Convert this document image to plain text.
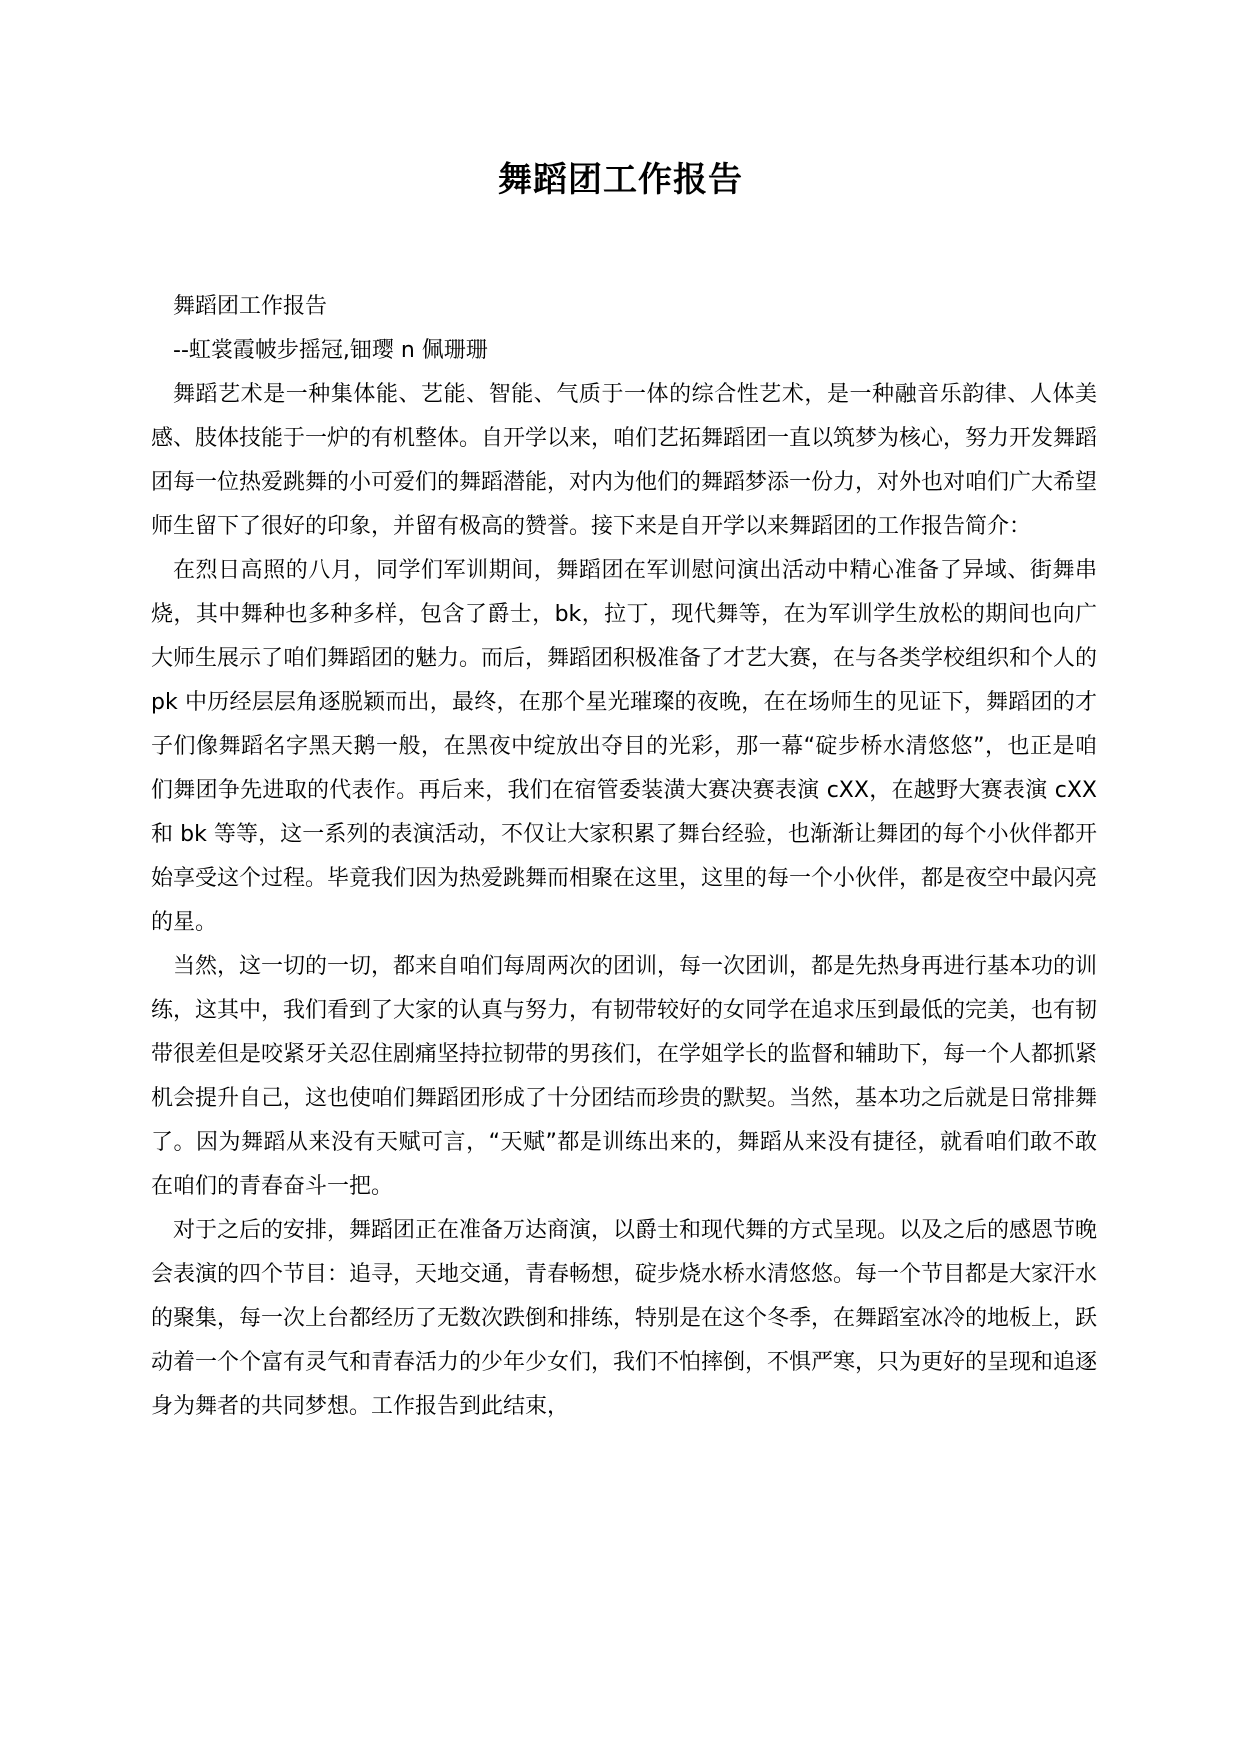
舞蹈团工作报告

舞蹈团工作报告

--虹裳霞帔步摇冠,钿璎 n 佩珊珊

舞蹈艺术是一种集体能、艺能、智能、气质于一体的综合性艺术，是一种融音乐韵律、人体美感、肢体技能于一炉的有机整体。自开学以来，咱们艺拓舞蹈团一直以筑梦为核心，努力开发舞蹈团每一位热爱跳舞的小可爱们的舞蹈潜能，对内为他们的舞蹈梦添一份力，对外也对咱们广大希望师生留下了很好的印象，并留有极高的赞誉。接下来是自开学以来舞蹈团的工作报告简介：

在烈日高照的八月，同学们军训期间，舞蹈团在军训慰问演出活动中精心准备了异域、街舞串烧，其中舞种也多种多样，包含了爵士，bk，拉丁，现代舞等，在为军训学生放松的期间也向广大师生展示了咱们舞蹈团的魅力。而后，舞蹈团积极准备了才艺大赛，在与各类学校组织和个人的 pk 中历经层层角逐脱颖而出，最终，在那个星光璀璨的夜晚，在在场师生的见证下，舞蹈团的才子们像舞蹈名字黑天鹅一般，在黑夜中绽放出夺目的光彩，那一幕“碇步桥水清悠悠”，也正是咱们舞团争先进取的代表作。再后来，我们在宿管委装潢大赛决赛表演 cXX，在越野大赛表演 cXX 和 bk 等等，这一系列的表演活动，不仅让大家积累了舞台经验，也渐渐让舞团的每个小伙伴都开始享受这个过程。毕竟我们因为热爱跳舞而相聚在这里，这里的每一个小伙伴，都是夜空中最闪亮的星。

当然，这一切的一切，都来自咱们每周两次的团训，每一次团训，都是先热身再进行基本功的训练，这其中，我们看到了大家的认真与努力，有韧带较好的女同学在追求压到最低的完美，也有韧带很差但是咬紧牙关忍住剧痛坚持拉韧带的男孩们，在学姐学长的监督和辅助下，每一个人都抓紧机会提升自己，这也使咱们舞蹈团形成了十分团结而珍贵的默契。当然，基本功之后就是日常排舞了。因为舞蹈从来没有天赋可言，“天赋”都是训练出来的，舞蹈从来没有捷径，就看咱们敢不敢在咱们的青春奋斗一把。

对于之后的安排，舞蹈团正在准备万达商演，以爵士和现代舞的方式呈现。以及之后的感恩节晚会表演的四个节目：追寻，天地交通，青春畅想，碇步烧水桥水清悠悠。每一个节目都是大家汗水的聚集，每一次上台都经历了无数次跌倒和排练，特别是在这个冬季，在舞蹈室冰冷的地板上，跃动着一个个富有灵气和青春活力的少年少女们，我们不怕摔倒，不惧严寒，只为更好的呈现和追逐身为舞者的共同梦想。工作报告到此结束，
